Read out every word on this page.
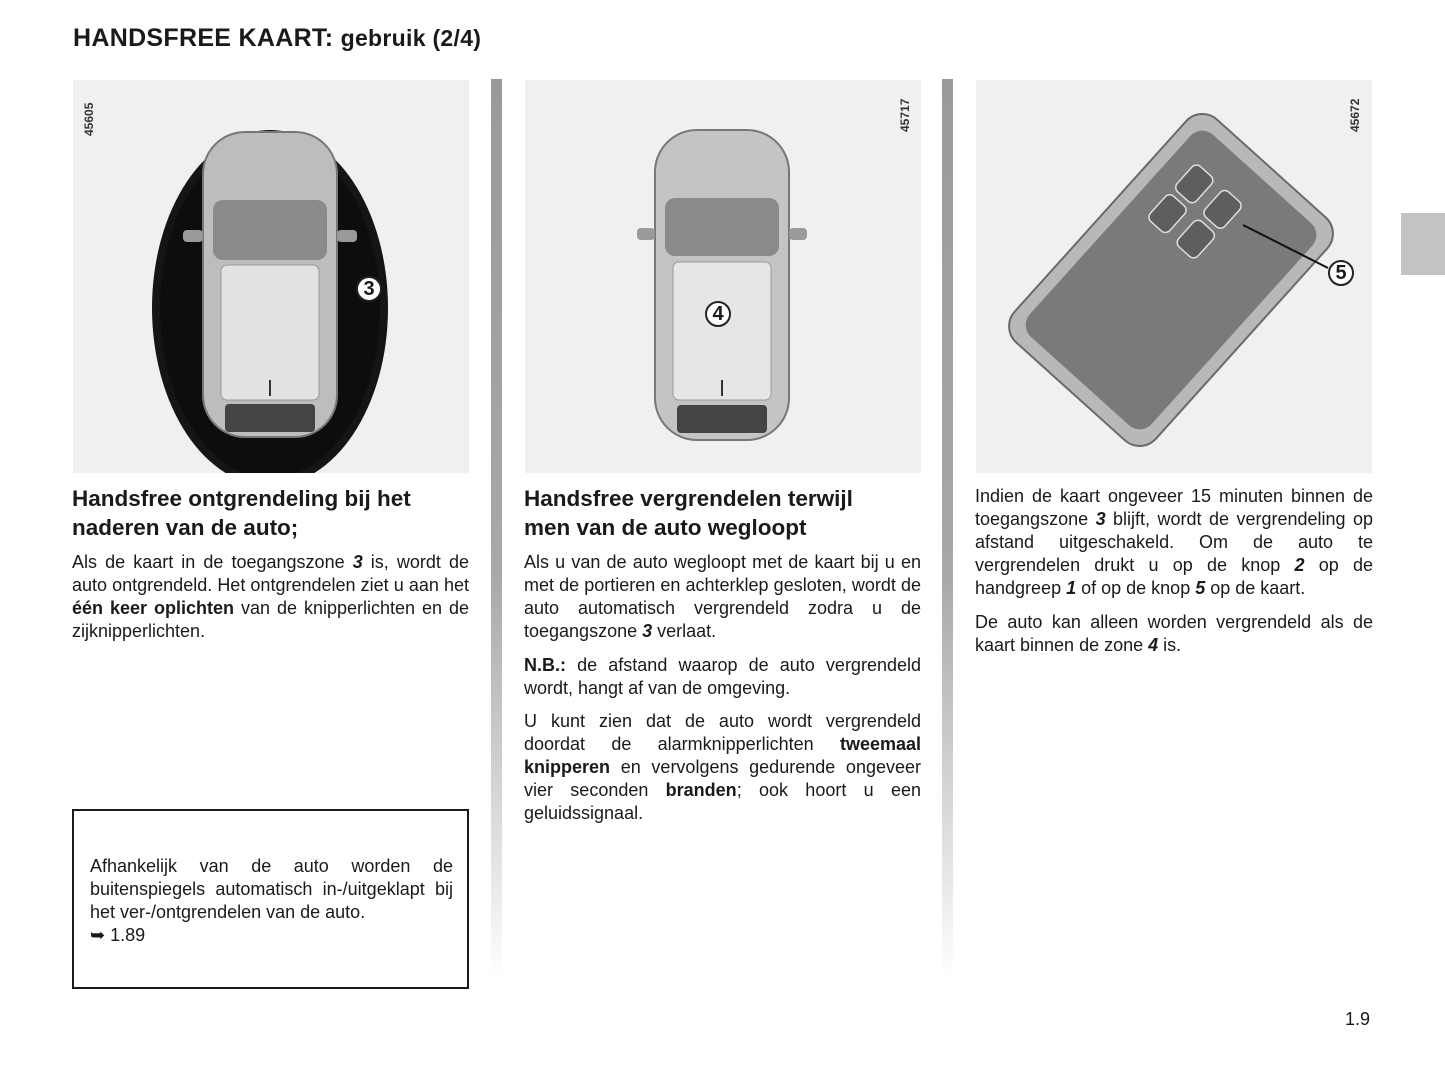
HANDSFREE KAART: gebruik (2/4)
45605
3
45717
4
45672
5
Handsfree ontgrendeling bij het
naderen van de auto;

Als de kaart in de toegangszone 3 is, wordt de auto ontgrendeld. Het ontgrendelen ziet u aan het één keer oplichten van de knipperlichten en de zijknipperlichten.

Afhankelijk van de auto worden de buitenspiegels automatisch in-/uitgeklapt bij het ver-/ontgrendelen van de auto.
➥ 1.89

Handsfree vergrendelen terwijl
men van de auto wegloopt

Als u van de auto wegloopt met de kaart bij u en met de portieren en achterklep gesloten, wordt de auto automatisch vergrendeld zodra u de toegangszone 3 verlaat.

N.B.: de afstand waarop de auto vergrendeld wordt, hangt af van de omgeving.

U kunt zien dat de auto wordt vergrendeld doordat de alarmknipperlichten tweemaal knipperen en vervolgens gedurende ongeveer vier seconden branden; ook hoort u een geluidssignaal.

Indien de kaart ongeveer 15 minuten binnen de toegangszone 3 blijft, wordt de vergrendeling op afstand uitgeschakeld. Om de auto te vergrendelen drukt u op de knop 2 op de handgreep 1 of op de knop 5 op de kaart.

De auto kan alleen worden vergrendeld als de kaart binnen de zone 4 is.

1.9
